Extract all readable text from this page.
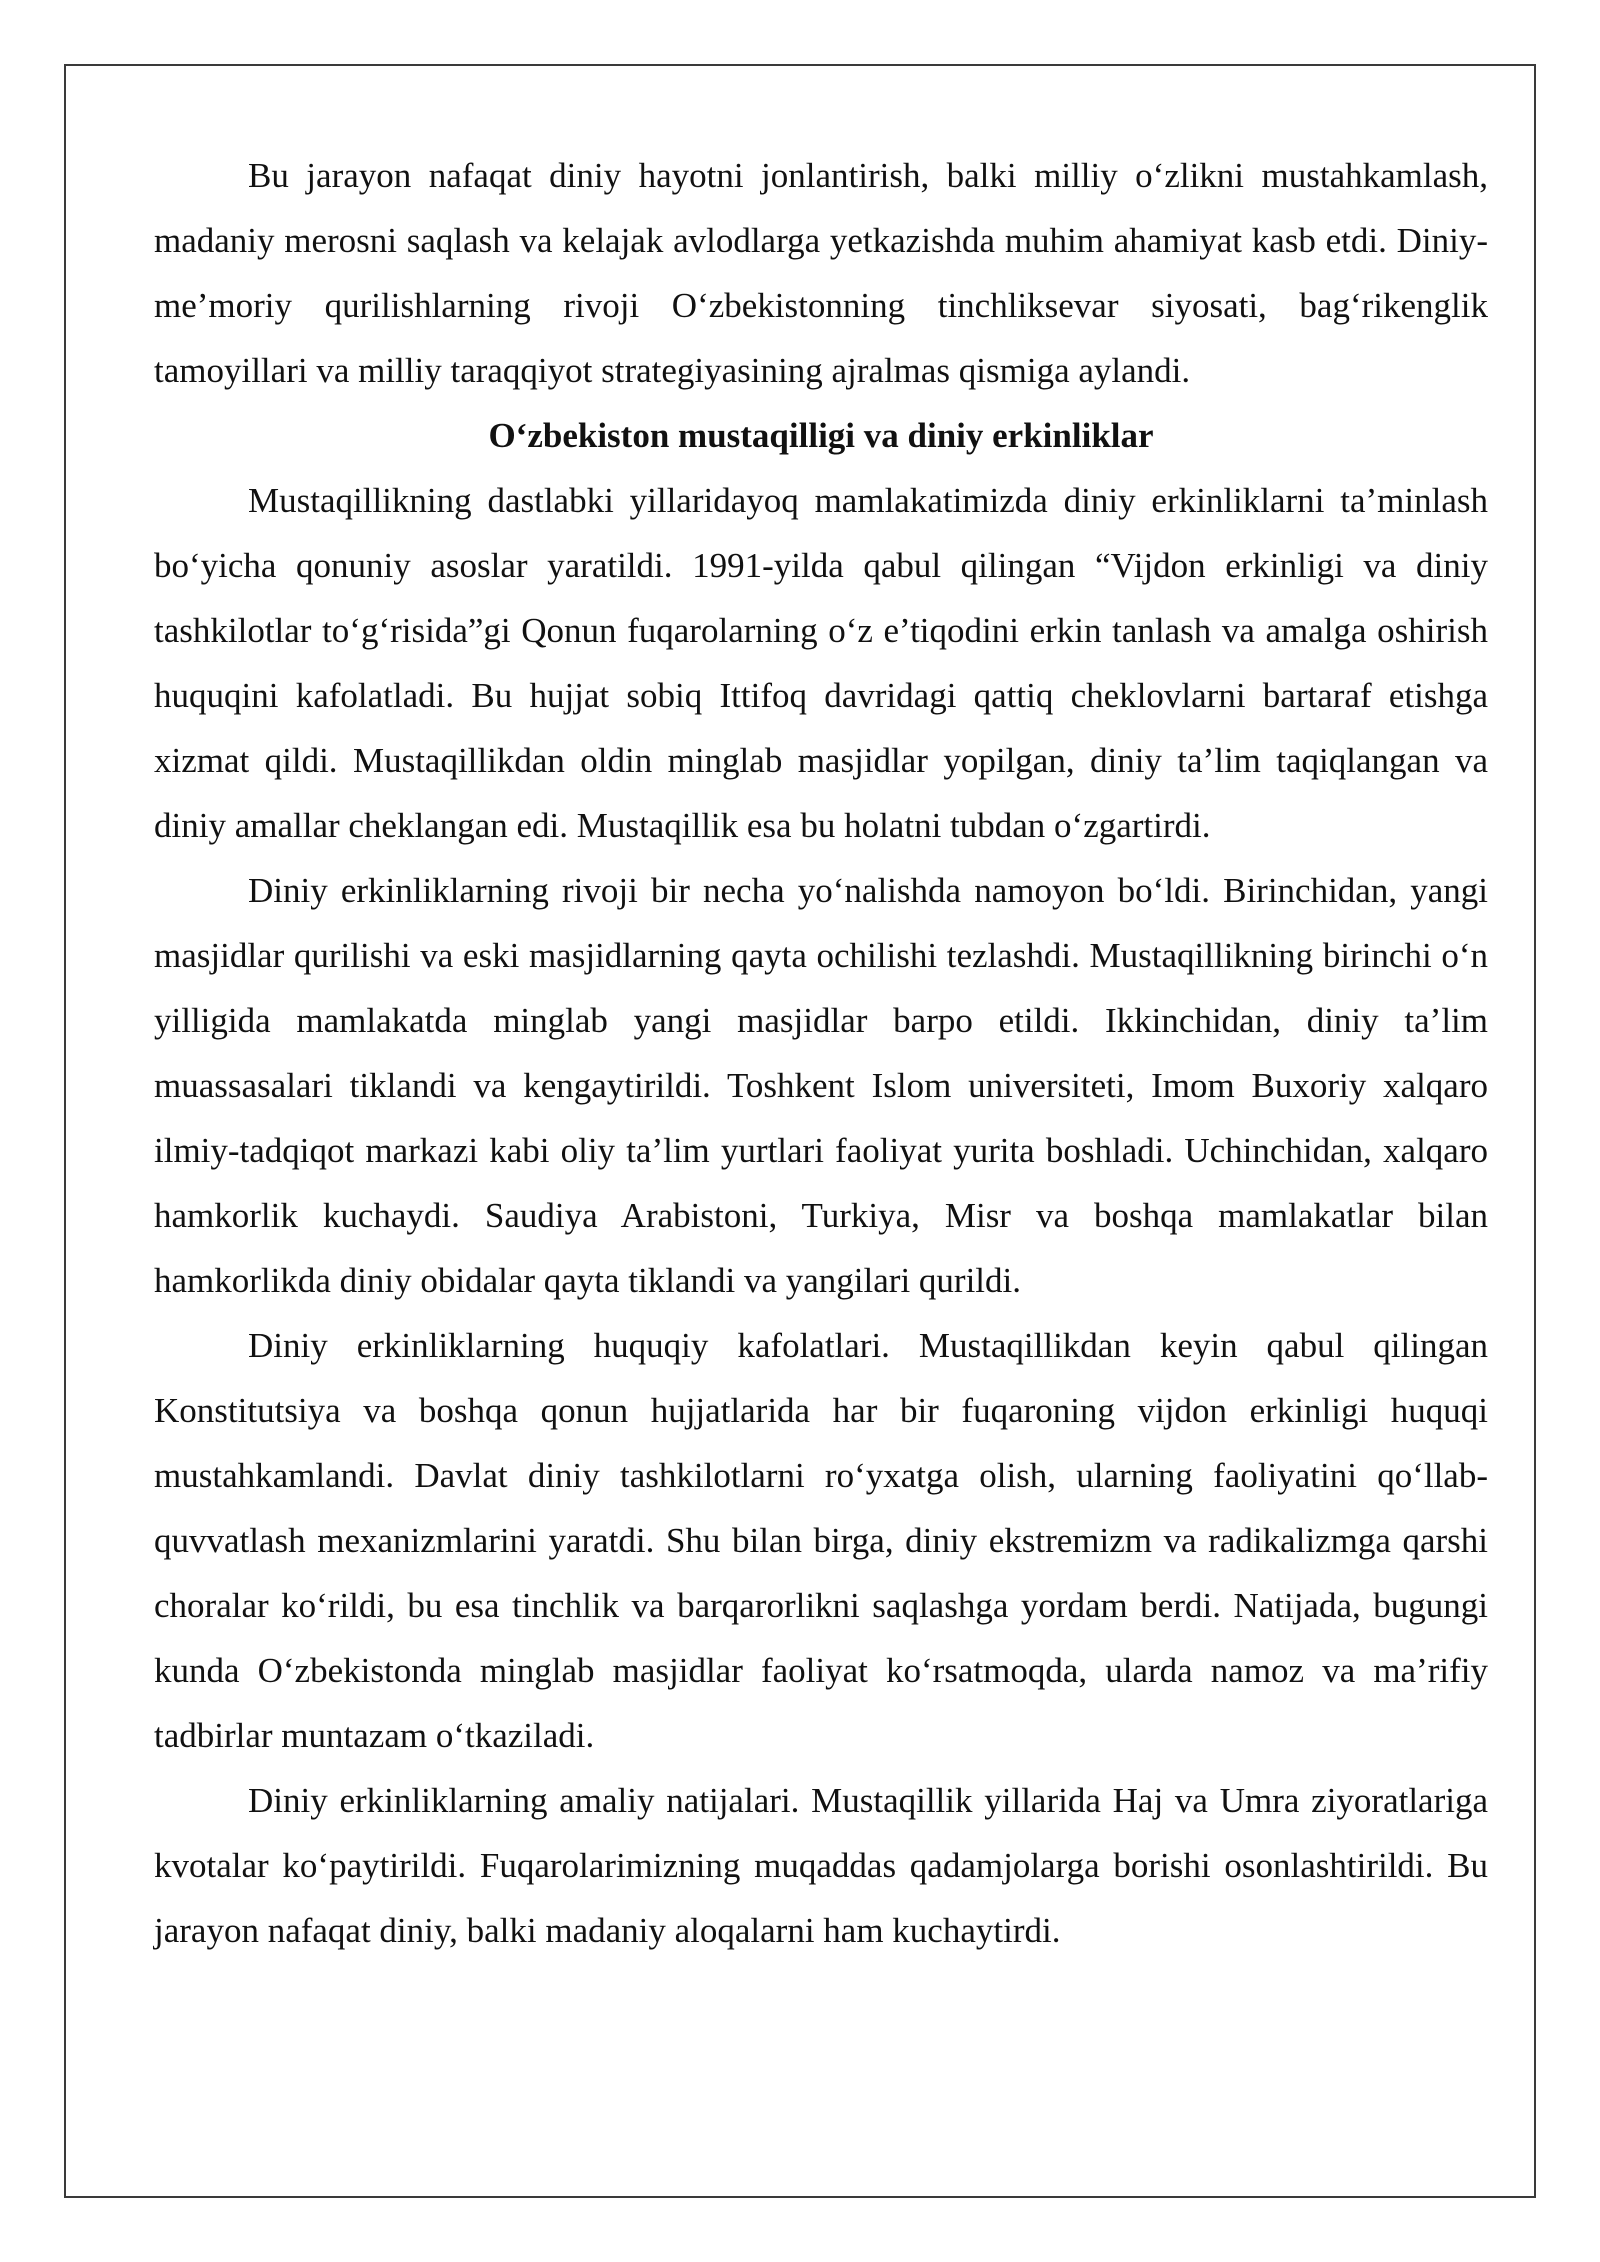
Bu jarayon nafaqat diniy hayotni jonlantirish, balki milliy o‘zlikni mustahkamlash, madaniy merosni saqlash va kelajak avlodlarga yetkazishda muhim ahamiyat kasb etdi. Diniy-me’moriy qurilishlarning rivoji O‘zbekistonning tinchliksevar siyosati, bag‘rikenglik tamoyillari va milliy taraqqiyot strategiyasining ajralmas qismiga aylandi.

O‘zbekiston mustaqilligi va diniy erkinliklar

Mustaqillikning dastlabki yillaridayoq mamlakatimizda diniy erkinliklarni ta’minlash bo‘yicha qonuniy asoslar yaratildi. 1991-yilda qabul qilingan “Vijdon erkinligi va diniy tashkilotlar to‘g‘risida”gi Qonun fuqarolarning o‘z e’tiqodini erkin tanlash va amalga oshirish huquqini kafolatladi. Bu hujjat sobiq Ittifoq davridagi qattiq cheklovlarni bartaraf etishga xizmat qildi. Mustaqillikdan oldin minglab masjidlar yopilgan, diniy ta’lim taqiqlangan va diniy amallar cheklangan edi. Mustaqillik esa bu holatni tubdan o‘zgartirdi.

Diniy erkinliklarning rivoji bir necha yo‘nalishda namoyon bo‘ldi. Birinchidan, yangi masjidlar qurilishi va eski masjidlarning qayta ochilishi tezlashdi. Mustaqillikning birinchi o‘n yilligida mamlakatda minglab yangi masjidlar barpo etildi. Ikkinchidan, diniy ta’lim muassasalari tiklandi va kengaytirildi. Toshkent Islom universiteti, Imom Buxoriy xalqaro ilmiy-tadqiqot markazi kabi oliy ta’lim yurtlari faoliyat yurita boshladi. Uchinchidan, xalqaro hamkorlik kuchaydi. Saudiya Arabistoni, Turkiya, Misr va boshqa mamlakatlar bilan hamkorlikda diniy obidalar qayta tiklandi va yangilari qurildi.

Diniy erkinliklarning huquqiy kafolatlari. Mustaqillikdan keyin qabul qilingan Konstitutsiya va boshqa qonun hujjatlarida har bir fuqaroning vijdon erkinligi huquqi mustahkamlandi. Davlat diniy tashkilotlarni ro‘yxatga olish, ularning faoliyatini qo‘llab-quvvatlash mexanizmlarini yaratdi. Shu bilan birga, diniy ekstremizm va radikalizmga qarshi choralar ko‘rildi, bu esa tinchlik va barqarorlikni saqlashga yordam berdi. Natijada, bugungi kunda O‘zbekistonda minglab masjidlar faoliyat ko‘rsatmoqda, ularda namoz va ma’rifiy tadbirlar muntazam o‘tkaziladi.

Diniy erkinliklarning amaliy natijalari. Mustaqillik yillarida Haj va Umra ziyoratlariga kvotalar ko‘paytirildi. Fuqarolarimizning muqaddas qadamjolarga borishi osonlashtirildi. Bu jarayon nafaqat diniy, balki madaniy aloqalarni ham kuchaytirdi.
